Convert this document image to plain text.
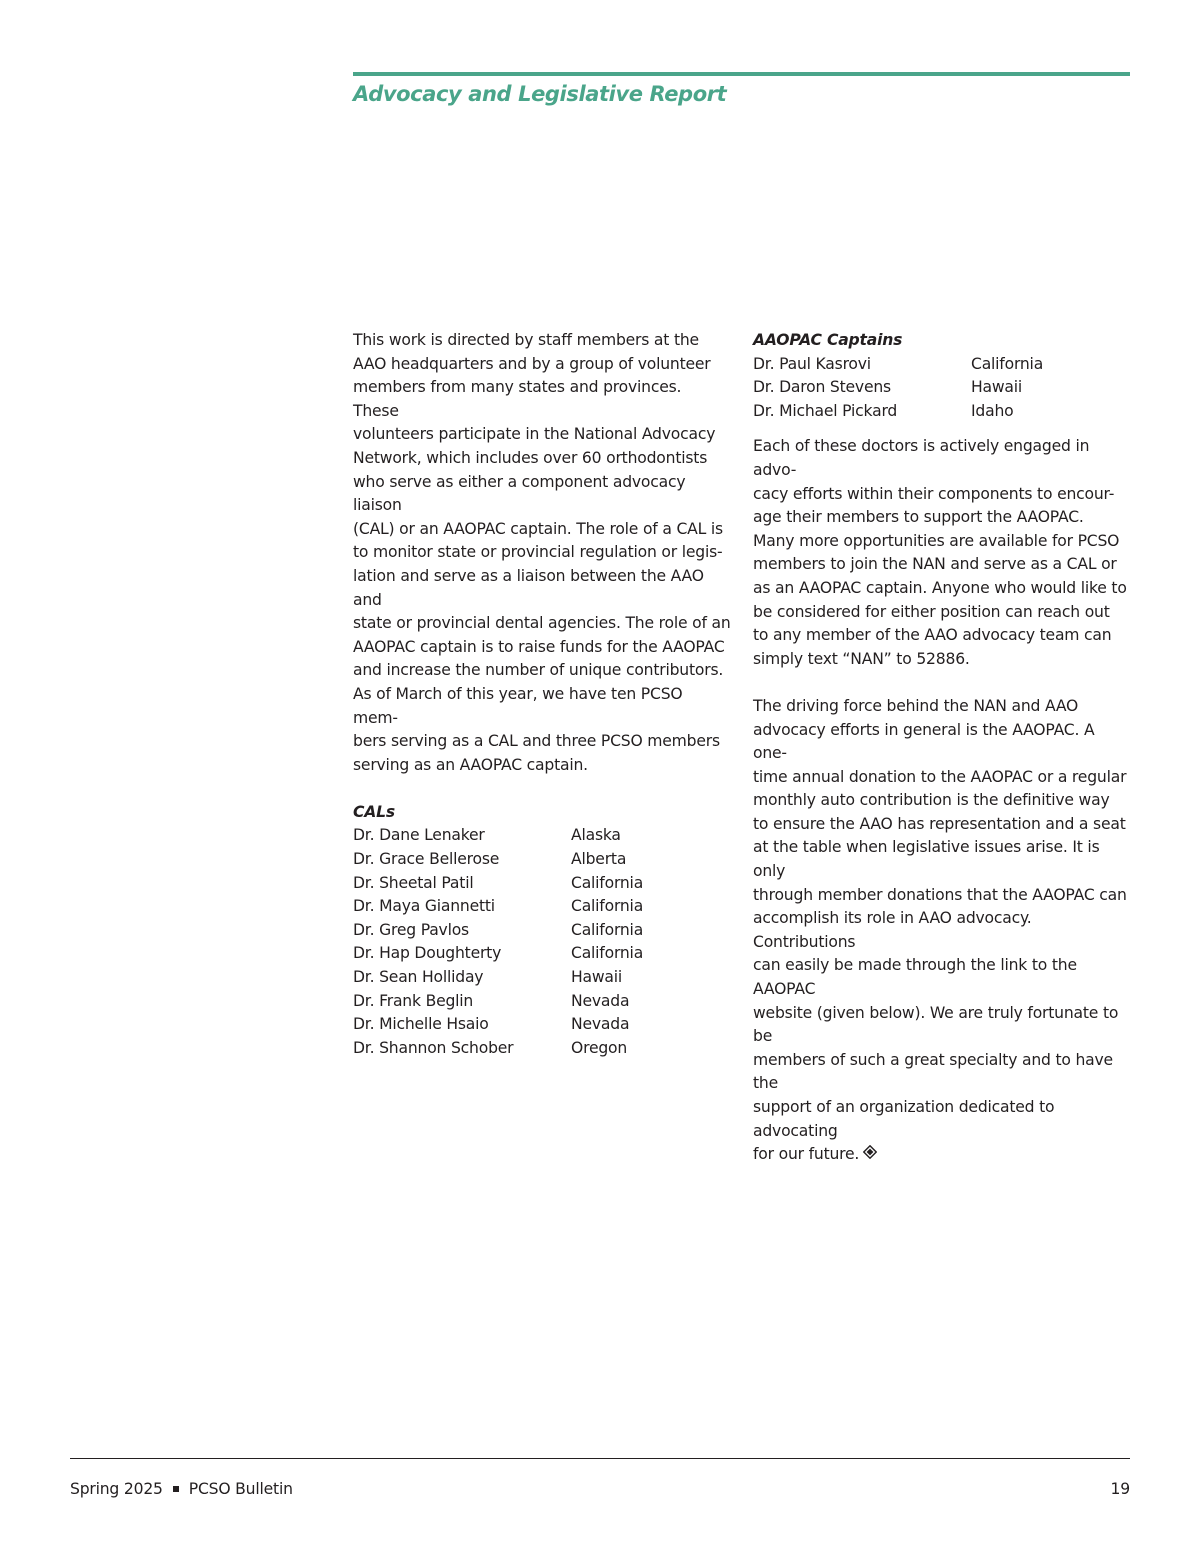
Advocacy and Legislative Report

This work is directed by staff members at the
AAO headquarters and by a group of volunteer
members from many states and provinces. These
volunteers participate in the National Advocacy
Network, which includes over 60 orthodontists
who serve as either a component advocacy liaison
(CAL) or an AAOPAC captain. The role of a CAL is
to monitor state or provincial regulation or legis-
lation and serve as a liaison between the AAO and
state or provincial dental agencies. The role of an
AAOPAC captain is to raise funds for the AAOPAC
and increase the number of unique contributors.
As of March of this year, we have ten PCSO mem-
bers serving as a CAL and three PCSO members
serving as an AAOPAC captain.

CALs

Dr. Dane Lenaker	Alaska
Dr. Grace Bellerose	Alberta
Dr. Sheetal Patil	California
Dr. Maya Giannetti	California
Dr. Greg Pavlos	California
Dr. Hap Doughterty	California
Dr. Sean Holliday	Hawaii
Dr. Frank Beglin	Nevada
Dr. Michelle Hsaio	Nevada
Dr. Shannon Schober	Oregon

AAOPAC Captains

Dr. Paul Kasrovi	California
Dr. Daron Stevens	Hawaii
Dr. Michael Pickard	Idaho

Each of these doctors is actively engaged in advo-
cacy efforts within their components to encour-
age their members to support the AAOPAC.
Many more opportunities are available for PCSO
members to join the NAN and serve as a CAL or
as an AAOPAC captain. Anyone who would like to
be considered for either position can reach out
to any member of the AAO advocacy team can
simply text “NAN” to 52886.

The driving force behind the NAN and AAO
advocacy efforts in general is the AAOPAC. A one-
time annual donation to the AAOPAC or a regular
monthly auto contribution is the definitive way
to ensure the AAO has representation and a seat
at the table when legislative issues arise. It is only
through member donations that the AAOPAC can
accomplish its role in AAO advocacy. Contributions
can easily be made through the link to the AAOPAC
website (given below). We are truly fortunate to be
members of such a great specialty and to have the
support of an organization dedicated to advocating
for our future.

Spring 2025 PCSO Bulletin	19
